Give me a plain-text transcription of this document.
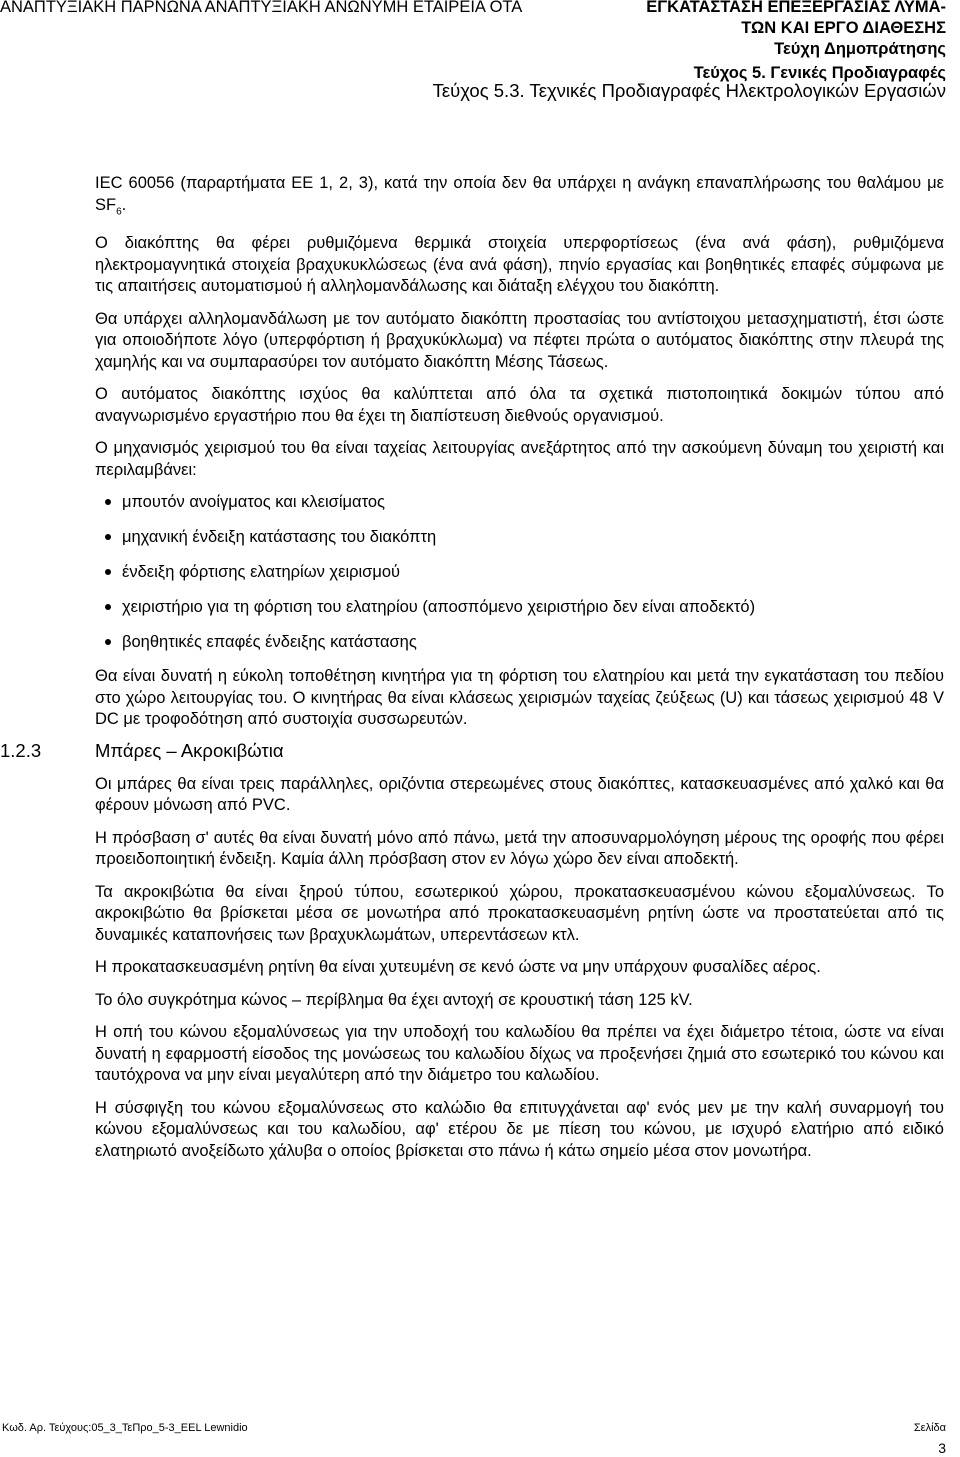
ΑΝΑΠΤΥΞΙΑΚΗ ΠΑΡΝΩΝΑ ΑΝΑΠΤΥΞΙΑΚΗ ΑΝΩΝΥΜΗ ΕΤΑΙΡΕΙΑ ΟΤΑ	ΕΓΚΑΤΑΣΤΑΣΗ ΕΠΕΞΕΡΓΑΣΙΑΣ ΛΥΜΑ-
ΤΩΝ ΚΑΙ ΕΡΓΟ ΔΙΑΘΕΣΗΣ
Τεύχη Δημοπράτησης
Τεύχος 5. Γενικές Προδιαγραφές
Τεύχος 5.3. Τεχνικές Προδιαγραφές Ηλεκτρολογικών Εργασιών

IEC 60056 (παραρτήματα ΕΕ 1, 2, 3), κατά την οποία δεν θα υπάρχει η ανάγκη επαναπλήρωσης του θαλάμου με $SF_6$.

Ο διακόπτης θα φέρει ρυθμιζόμενα θερμικά στοιχεία υπερφορτίσεως (ένα ανά φάση), ρυθμιζόμενα ηλεκτρομαγνητικά στοιχεία βραχυκυκλώσεως (ένα ανά φάση), πηνίο εργασίας και βοηθητικές επαφές σύμφωνα με τις απαιτήσεις αυτοματισμού ή αλληλομανδάλωσης και διάταξη ελέγχου του διακόπτη.

Θα υπάρχει αλληλομανδάλωση με τον αυτόματο διακόπτη προστασίας του αντίστοιχου μετασχηματιστή, έτσι ώστε για οποιοδήποτε λόγο (υπερφόρτιση ή βραχυκύκλωμα) να πέφτει πρώτα ο αυτόματος διακόπτης στην πλευρά της χαμηλής και να συμπαρασύρει τον αυτόματο διακόπτη Μέσης Τάσεως.

Ο αυτόματος διακόπτης ισχύος θα καλύπτεται από όλα τα σχετικά πιστοποιητικά δοκιμών τύπου από αναγνωρισμένο εργαστήριο που θα έχει τη διαπίστευση διεθνούς οργανισμού.

Ο μηχανισμός χειρισμού του θα είναι ταχείας λειτουργίας ανεξάρτητος από την ασκούμενη δύναμη του χειριστή και περιλαμβάνει:

μπουτόν ανοίγματος και κλεισίματος
μηχανική ένδειξη κατάστασης του διακόπτη
ένδειξη φόρτισης ελατηρίων χειρισμού
χειριστήριο για τη φόρτιση του ελατηρίου (αποσπόμενο χειριστήριο δεν είναι αποδεκτό)
βοηθητικές επαφές ένδειξης κατάστασης

Θα είναι δυνατή η εύκολη τοποθέτηση κινητήρα για τη φόρτιση του ελατηρίου και μετά την εγκατάσταση του πεδίου στο χώρο λειτουργίας του. Ο κινητήρας θα είναι κλάσεως χειρισμών ταχείας ζεύξεως (U) και τάσεως χειρισμού 48 V DC με τροφοδότηση από συστοιχία συσσωρευτών.

1.2.3	Μπάρες – Ακροκιβώτια

Οι μπάρες θα είναι τρεις παράλληλες, οριζόντια στερεωμένες στους διακόπτες, κατασκευασμένες από χαλκό και θα φέρουν μόνωση από PVC.

Η πρόσβαση σ' αυτές θα είναι δυνατή μόνο από πάνω, μετά την αποσυναρμολόγηση μέρους της οροφής που φέρει προειδοποιητική ένδειξη. Καμία άλλη πρόσβαση στον εν λόγω χώρο δεν είναι αποδεκτή.

Τα ακροκιβώτια θα είναι ξηρού τύπου, εσωτερικού χώρου, προκατασκευασμένου κώνου εξομαλύνσεως. Το ακροκιβώτιο θα βρίσκεται μέσα σε μονωτήρα από προκατασκευασμένη ρητίνη ώστε να προστατεύεται από τις δυναμικές καταπονήσεις των βραχυκλωμάτων, υπερεντάσεων κτλ.

Η προκατασκευασμένη ρητίνη θα είναι χυτευμένη σε κενό ώστε να μην υπάρχουν φυσαλίδες αέρος.

Το όλο συγκρότημα κώνος – περίβλημα θα έχει αντοχή σε κρουστική τάση 125 kV.

Η οπή του κώνου εξομαλύνσεως για την υποδοχή του καλωδίου θα πρέπει να έχει διάμετρο τέτοια, ώστε να είναι δυνατή η εφαρμοστή είσοδος της μονώσεως του καλωδίου δίχως να προξενήσει ζημιά στο εσωτερικό του κώνου και ταυτόχρονα να μην είναι μεγαλύτερη από την διάμετρο του καλωδίου.

Η σύσφιγξη του κώνου εξομαλύνσεως στο καλώδιο θα επιτυγχάνεται αφ' ενός μεν με την καλή συναρμογή του κώνου εξομαλύνσεως και του καλωδίου, αφ' ετέρου δε με πίεση του κώνου, με ισχυρό ελατήριο από ειδικό ελατηριωτό ανοξείδωτο χάλυβα ο οποίος βρίσκεται στο πάνω ή κάτω σημείο μέσα στον μονωτήρα.

Κωδ. Αρ. Τεύχους:05_3_ΤεΠρο_5-3_EEL Lewnidio	Σελίδα
3
